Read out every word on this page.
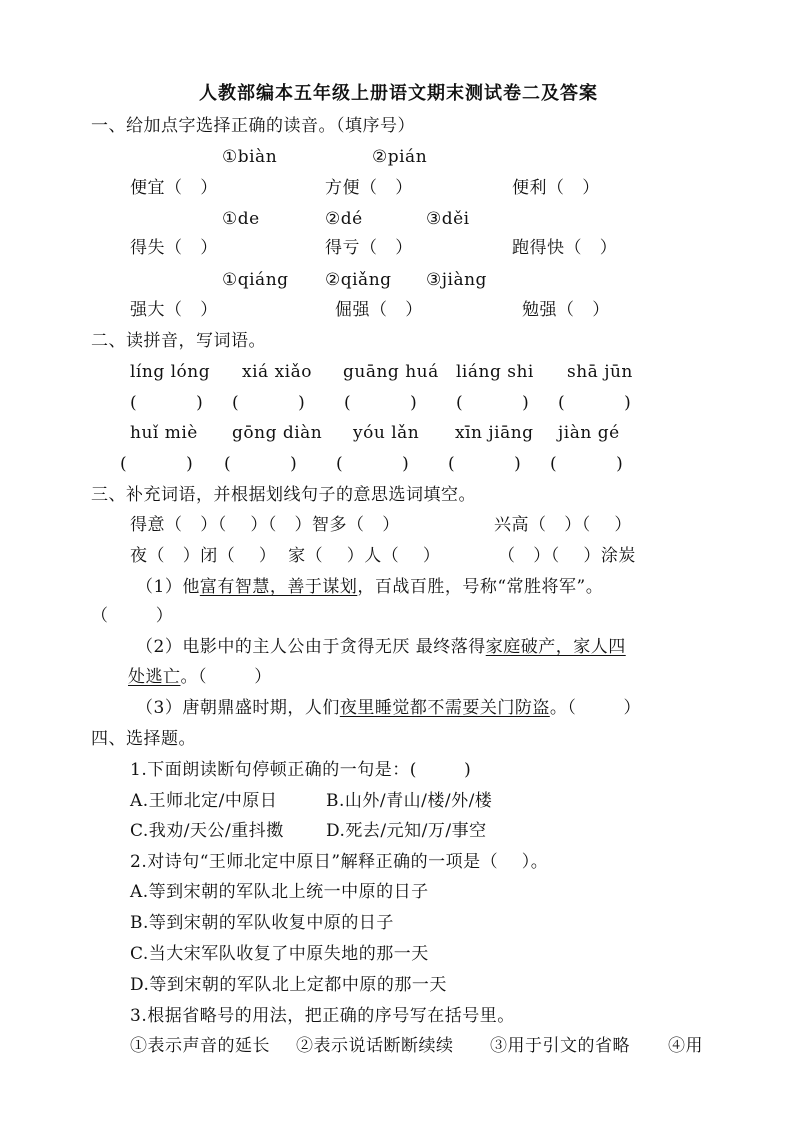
人教部编本五年级上册语文期末测试卷二及答案
一、给加点字选择正确的读音。（填序号）
①biàn	②pián
便宜（   ）	方便（   ）	便利（   ）
①de	②dé	③děi
得失（   ）	得亏（   ）	跑得快（   ）
①qiáng ②qiǎng ③jiàng
强大（   ）	倔强（   ）	勉强（   ）
二、读拼音，写词语。
líng lóng xiá xiǎo guāng huá liáng shi shā jūn
(          ) (          ) (          ) (          ) (          )
huǐ miè gōng diàn yóu lǎn xīn jiāng jiàn gé
(          ) (          ) (          ) (          ) (          )
三、补充词语，并根据划线句子的意思选词填空。
得意（   ）（    ）（   ）智多（   ）	兴高（   ）（    ）
夜（   ）闭（    ）  家（    ）人（    ）	（   ）（    ）涂炭
（1）他富有智慧，善于谋划，百战百胜，号称“常胜将军”。
（        ）
（2）电影中的主人公由于贪得无厌 最终落得家庭破产，家人四
处逃亡。（        ）
（3）唐朝鼎盛时期，人们夜里睡觉都不需要关门防盗。（        ）
四、选择题。
1.下面朗读断句停顿正确的一句是：(        )
A.王师北定/中原日	B.山外/青山/楼/外/楼
C.我劝/天公/重抖擞 D.死去/元知/万/事空
2.对诗句“王师北定中原日”解释正确的一项是（    ）。
A.等到宋朝的军队北上统一中原的日子
B.等到宋朝的军队收复中原的日子
C.当大宋军队收复了中原失地的那一天
D.等到宋朝的军队北上定都中原的那一天
3.根据省略号的用法，把正确的序号写在括号里。
①表示声音的延长 ②表示说话断断续续 ③用于引文的省略 ④用
